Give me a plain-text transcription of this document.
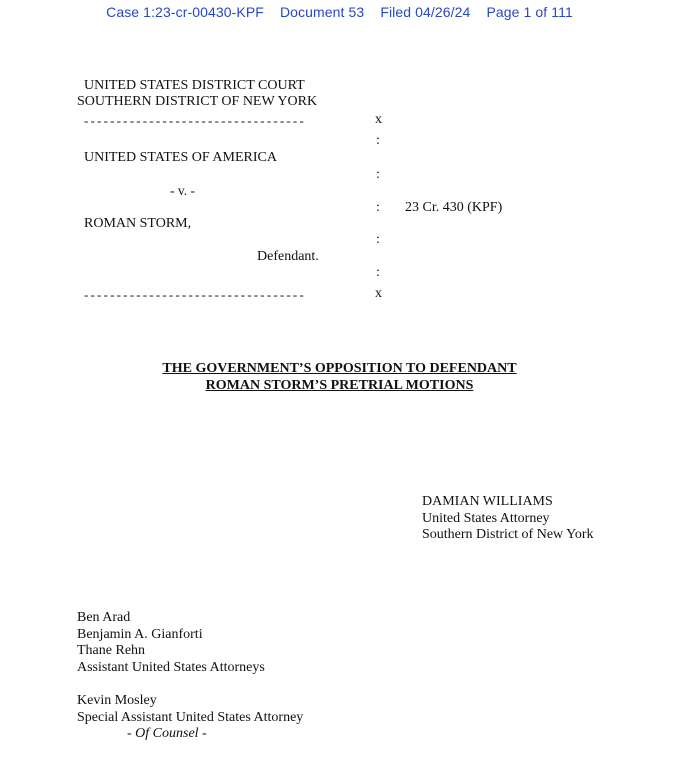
Case 1:23-cr-00430-KPF Document 53 Filed 04/26/24 Page 1 of 111
UNITED STATES DISTRICT COURT
SOUTHERN DISTRICT OF NEW YORK
----------------------------------	x
:
UNITED STATES OF AMERICA
:
- v. -
: 23 Cr. 430 (KPF)
ROMAN STORM,
:
Defendant.
:
----------------------------------	x
THE GOVERNMENT’S OPPOSITION TO DEFENDANT
ROMAN STORM’S PRETRIAL MOTIONS
DAMIAN WILLIAMS
United States Attorney
Southern District of New York
Ben Arad
Benjamin A. Gianforti
Thane Rehn
Assistant United States Attorneys
Kevin Mosley
Special Assistant United States Attorney
- Of Counsel -
